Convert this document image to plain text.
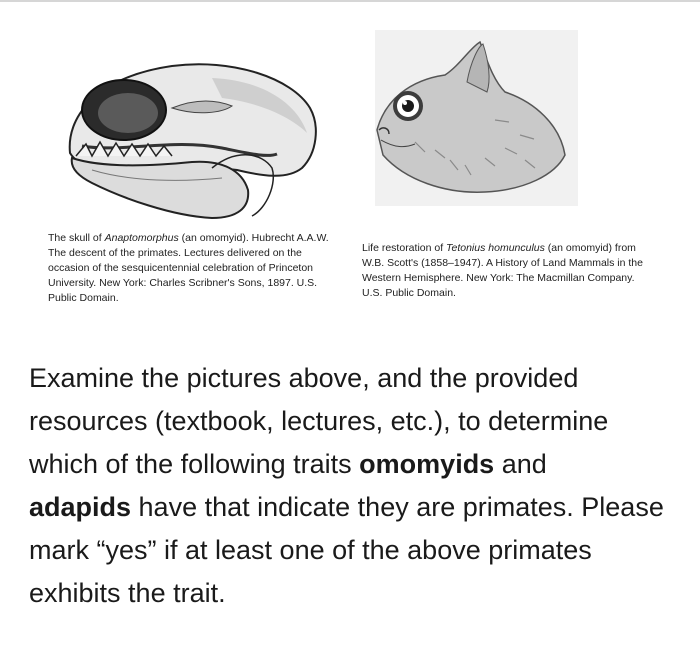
The skull of Anaptomorphus (an omomyid). Hubrecht A.A.W. The descent of the primates. Lectures delivered on the occasion of the sesquicentennial celebration of Princeton University. New York: Charles Scribner's Sons, 1897. U.S. Public Domain.
Life restoration of Tetonius homunculus (an omomyid) from W.B. Scott's (1858–1947). A History of Land Mammals in the Western Hemisphere. New York: The Macmillan Company. U.S. Public Domain.
Examine the pictures above, and the provided resources (textbook, lectures, etc.), to determine which of the following traits omomyids and
adapids have that indicate they are primates. Please mark “yes” if at least one of the above primates exhibits the trait.
